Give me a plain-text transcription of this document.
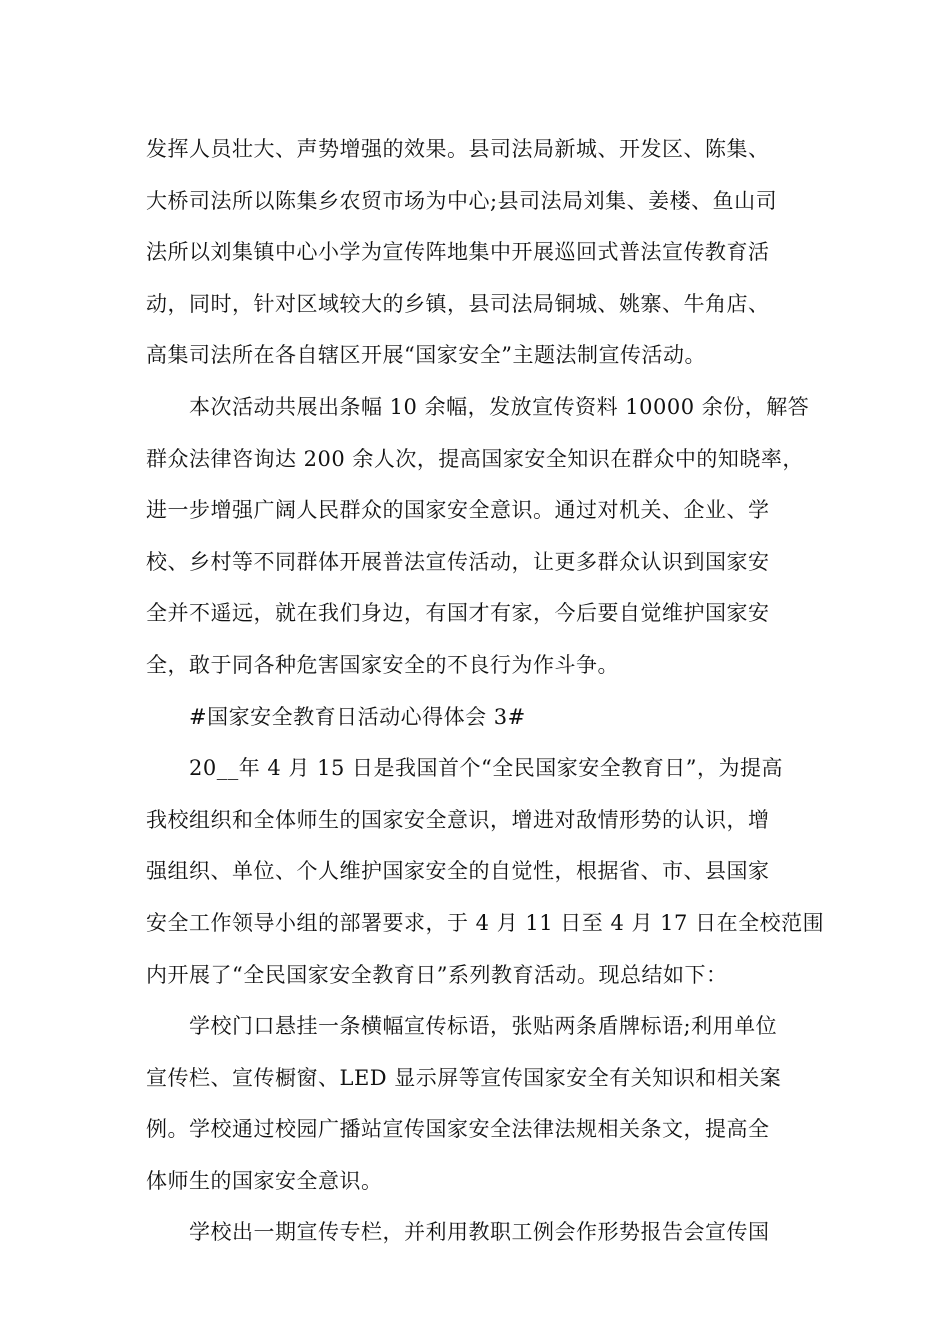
发挥人员壮大、声势增强的效果。县司法局新城、开发区、陈集、
大桥司法所以陈集乡农贸市场为中心;县司法局刘集、姜楼、鱼山司
法所以刘集镇中心小学为宣传阵地集中开展巡回式普法宣传教育活
动，同时，针对区域较大的乡镇，县司法局铜城、姚寨、牛角店、
高集司法所在各自辖区开展“国家安全”主题法制宣传活动。
本次活动共展出条幅 10 余幅，发放宣传资料 10000 余份，解答
群众法律咨询达 200 余人次，提高国家安全知识在群众中的知晓率，
进一步增强广阔人民群众的国家安全意识。通过对机关、企业、学
校、乡村等不同群体开展普法宣传活动，让更多群众认识到国家安
全并不遥远，就在我们身边，有国才有家，今后要自觉维护国家安
全，敢于同各种危害国家安全的不良行为作斗争。
#国家安全教育日活动心得体会 3#
20__年 4 月 15 日是我国首个“全民国家安全教育日”，为提高
我校组织和全体师生的国家安全意识，增进对敌情形势的认识，增
强组织、单位、个人维护国家安全的自觉性，根据省、市、县国家
安全工作领导小组的部署要求，于 4 月 11 日至 4 月 17 日在全校范围
内开展了“全民国家安全教育日”系列教育活动。现总结如下：
学校门口悬挂一条横幅宣传标语，张贴两条盾牌标语;利用单位
宣传栏、宣传橱窗、LED 显示屏等宣传国家安全有关知识和相关案
例。学校通过校园广播站宣传国家安全法律法规相关条文，提高全
体师生的国家安全意识。
学校出一期宣传专栏，并利用教职工例会作形势报告会宣传国
